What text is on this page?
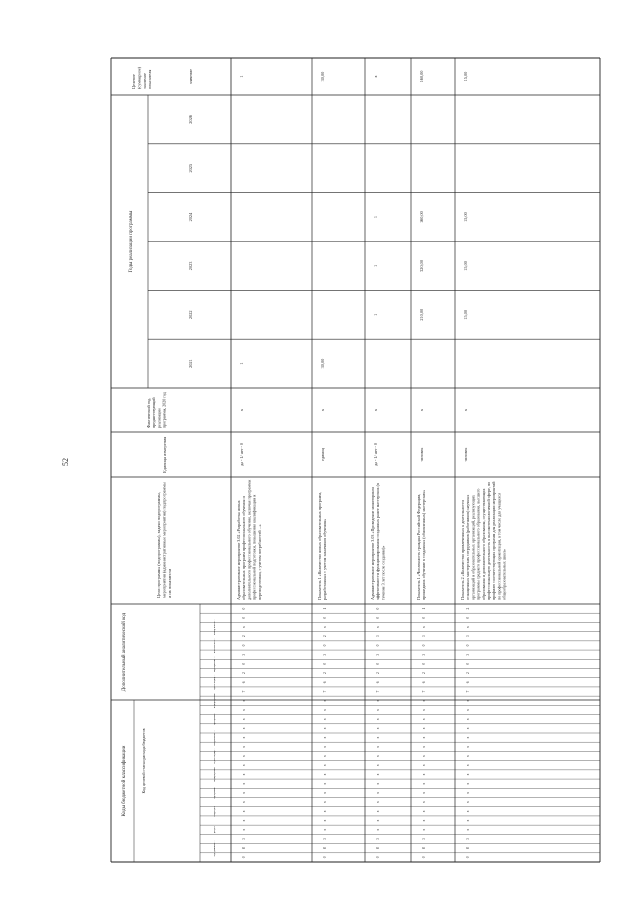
52
Коды бюджетной классификации
Дополнительный аналитический код
Код целевой статьи расхода бюджетов
Цели программы (подпрограммы), задачи подпрограммы,мероприятия (административные мероприятия) подпрограммыи их показатели
Единица измерения
Фактический год,предшествующийреализациипрограммы, 2020 год
Годы реализации программы
Целевое(суммарное)значениепоказателя	значение
2021
2022
2023
2024
2025
2026
код админист…
раздел
подраздел
программа
подпрограмма
задача подпр…
направление …
программа
подпрограмма
задача подпр…
мероприятие …
показатель п…
номер показа…
0
8
3
x
x
x
x
x
x
x
x
x
x
x
x
x
x
x
7
6
2
0
3
0
2
x
0
0
Административное мероприятие 3.02 «Разработка новыхобразовательных программ профессионального обучения идополнительного профессионального обучения, включая программыпрофессиональной подготовки, повышения квалификации ипереподготовки, с учетом потребностей ...»
да - 1/ нет - 0
x
1
1
0
8
3
x
x
x
x
x
x
x
x
x
x
x
x
x
x
x
7
6
2
0
3
0
2
x
0
1
Показатель 1 «Количество новых образовательных программ,разработанных с учетом заказчиков обучения»
единиц
x
30,00
30,00
0
8
3
x
x
x
x
x
x
x
x
x
x
x
x
x
x
x
7
6
2
0
3
0
3
x
0
0
Административное мероприятие 3.03 «Проведение мониторингаэффективности функционирования созданных ранее мастерских (втечение 3 лет после создания)»
да - 1/ нет - 0
x
1
1
1
x
0
8
3
x
x
x
x
x
x
x
x
x
x
x
x
x
x
x
7
6
2
0
3
0
3
x
0
1
Показатель 1 «Численность граждан Российской Федерации,прошедших обучение в созданных (обновленных) мастерских»
человек
x
210,00
320,00
160,00
160,00
0
8
3
x
x
x
x
x
x
x
x
x
x
x
x
x
x
x
7
6
2
0
3
0
3
x
0
2
Показатель 2 «Количество привлеченных к деятельностиоснащенных мастерских сотрудников (работников) научныхорганизаций и образовательных организаций, реализующихпрограммы среднего профессионального образования, высшегообразования и дополнительного образования, осуществляющихпрофессиональную деятельность в высокотехнологичной сфере, попрофилю соответствующих программ для реализации мероприятийпо профессиональной ориентации, в том числе для учащихсяобщеобразовательных школ»
человек
x
15,00
15,00
15,00
15,00
